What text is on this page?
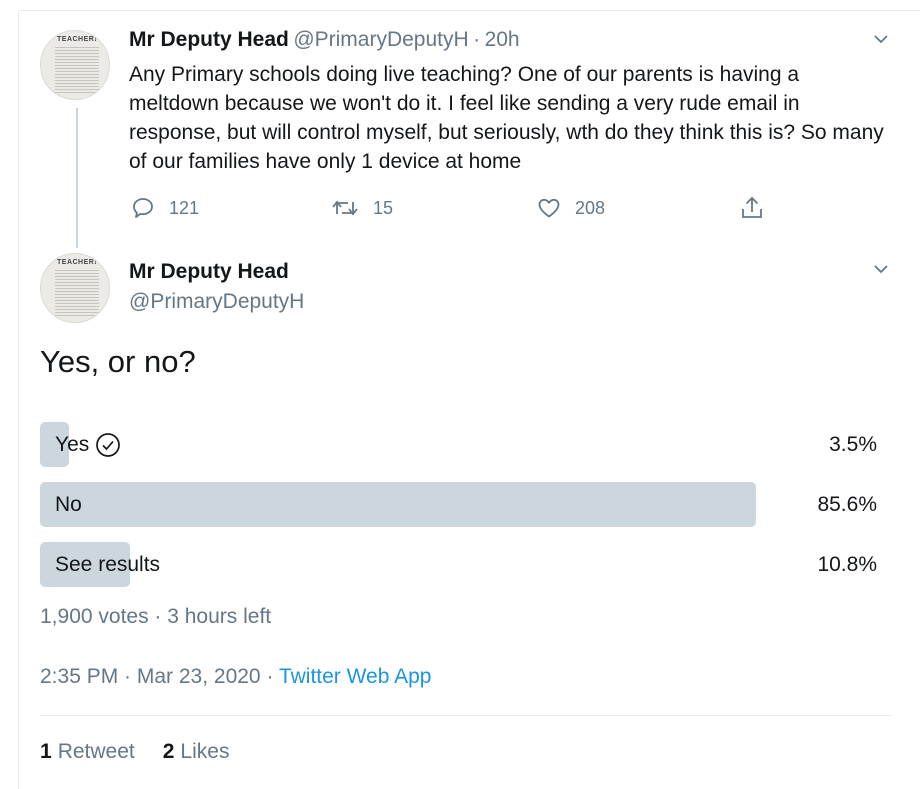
TEACHER! Mr Deputy Head @PrimaryDeputyH · 20h
Any Primary schools doing live teaching? One of our parents is having a meltdown because we won't do it. I feel like sending a very rude email in response, but will control myself, but seriously, wth do they think this is? So many of our families have only 1 device at home
121	15	208
TEACHER! Mr Deputy Head
@PrimaryDeputyH
Yes, or no?
Yes	3.5%
No	85.6%
See results	10.8%
1,900 votes · 3 hours left
2:35 PM · Mar 23, 2020 · Twitter Web App
1 Retweet 2 Likes
